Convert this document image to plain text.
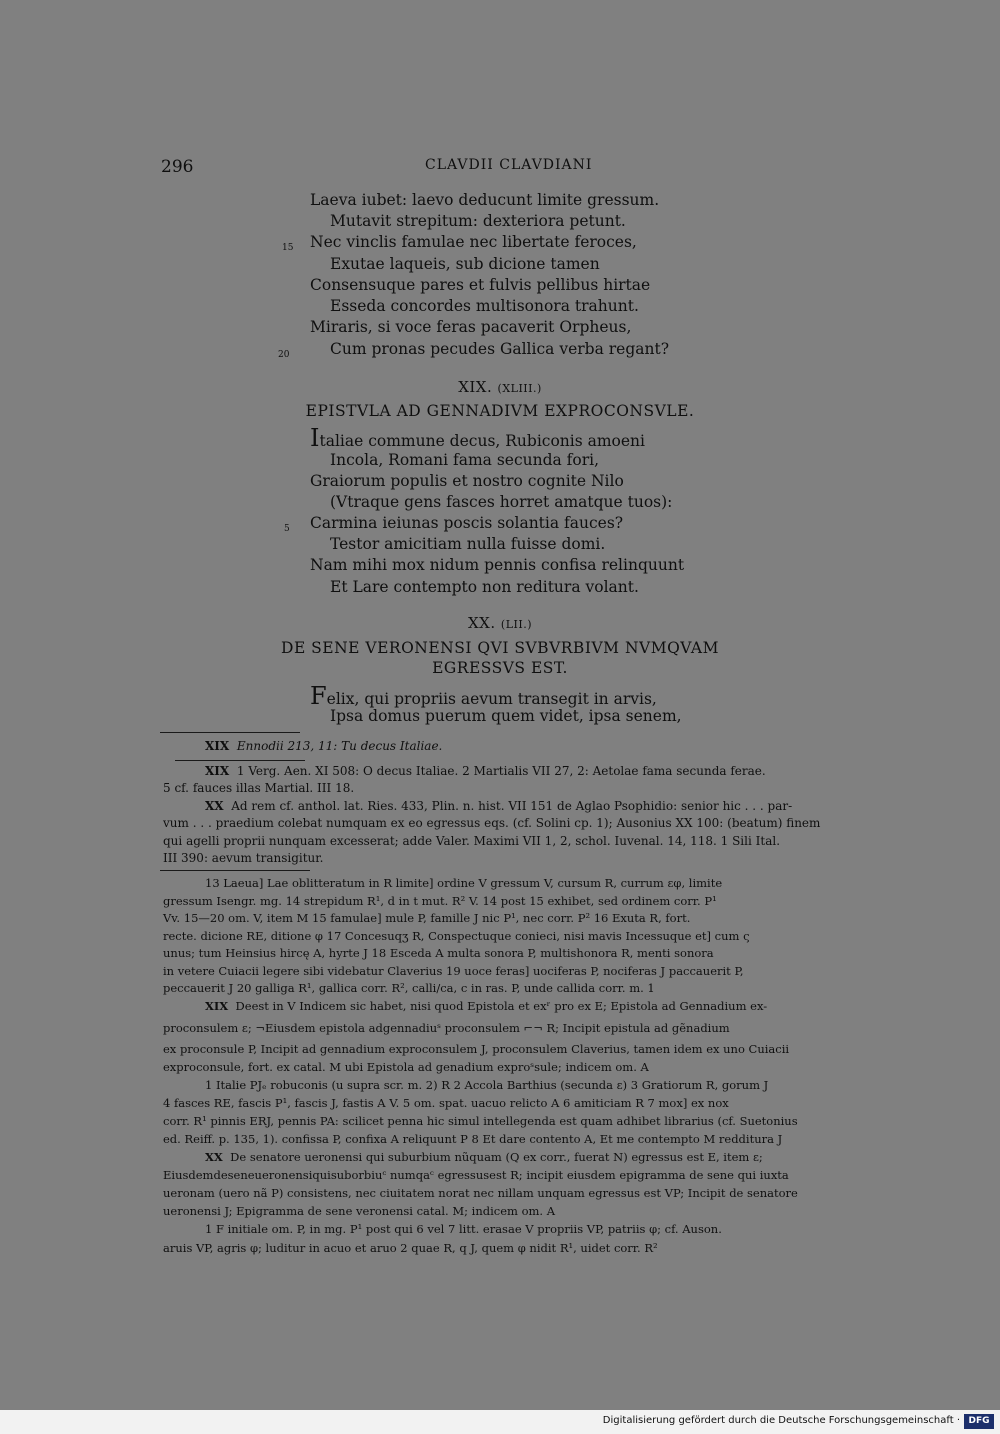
296	CLAVDII CLAVDIANI
Laeva iubet: laevo deducunt limite gressum.
Mutavit strepitum: dexteriora petunt.
15 Nec vinclis famulae nec libertate feroces,
Exutae laqueis, sub dicione tamen
Consensuque pares et fulvis pellibus hirtae
Esseda concordes multisonora trahunt.
Miraris, si voce feras pacaverit Orpheus,
20	Cum pronas pecudes Gallica verba regant?
XIX. (XLIII.)
EPISTVLA AD GENNADIVM EXPROCONSVLE.
Italiae commune decus, Rubiconis amoeni
Incola, Romani fama secunda fori,
Graiorum populis et nostro cognite Nilo
(Vtraque gens fasces horret amatque tuos):
5 Carmina ieiunas poscis solantia fauces?
Testor amicitiam nulla fuisse domi.
Nam mihi mox nidum pennis confisa relinquunt
Et Lare contempto non reditura volant.
XX. (LII.)
DE SENE VERONENSI QVI SVBVRBIVM NVMQVAM
EGRESSVS EST.
Felix, qui propriis aevum transegit in arvis,
Ipsa domus puerum quem videt, ipsa senem,
XIX Ennodii 213, 11: Tu decus Italiae.
XIX 1 Verg. Aen. XI 508: O decus Italiae. 2 Martialis VII 27, 2: Aetolae fama secunda ferae.
5 cf. fauces illas Martial. III 18.
XX Ad rem cf. anthol. lat. Ries. 433, Plin. n. hist. VII 151 de Aglao Psophidio: senior hic . . . par-
vum . . . praedium colebat numquam ex eo egressus eqs. (cf. Solini cp. 1); Ausonius XX 100: (beatum) finem
qui agelli proprii nunquam excesserat; adde Valer. Maximi VII 1, 2, schol. Iuvenal. 14, 118. 1 Sili Ital.
III 390: aevum transigitur.
13 Laeua] Lae oblitteratum in R limite] ordine V gressum V, cursum R, currum εφ, limite
gressum Isengr. mg. 14 strepidum R¹, d in t mut. R² V. 14 post 15 exhibet, sed ordinem corr. P¹
Vv. 15—20 om. V, item M 15 famulae] mule P, famille J nic P¹, nec corr. P² 16 Exuta R, fort.
recte. dicione RE, ditione φ 17 Concesuqʒ R, Conspectuque conieci, nisi mavis Incessuque et] cum ς
unus; tum Heinsius hircę A, hyrte J 18 Esceda A multa sonora P, multishonora R, menti sonora
in vetere Cuiacii legere sibi videbatur Claverius 19 uoce feras] uociferas P, nociferas J paccauerit P,
peccauerit J 20 galliga R¹, gallica corr. R², calli/ca, c in ras. P, unde callida corr. m. 1
XIX Deest in V Indicem sic habet, nisi quod Epistola et exʳ pro ex E; Epistola ad Gennadium ex-
proconsulem ε; ¬Eiusdem epistola adgennadiuˢ proconsulem ⌐¬ R; Incipit epistula ad gẽnadium
ex proconsule P, Incipit ad gennadium exproconsulem J, proconsulem Claverius, tamen idem ex uno Cuiacii
exproconsule, fort. ex catal. M ubi Epistola ad genadium exproˢsule; indicem om. A
1 Italie PJₑ robuconis (u supra scr. m. 2) R 2 Accola Barthius (secunda ε) 3 Gratiorum R, gorum J
4 fasces RE, fascis P¹, fascis J, fastis A V. 5 om. spat. uacuo relicto A 6 amiticiam R 7 mox] ex nox
corr. R¹ pinnis ERJ, pennis PA: scilicet penna hic simul intellegenda est quam adhibet librarius (cf. Suetonius
ed. Reiff. p. 135, 1). confissa P, confixa A reliquunt P 8 Et dare contento A, Et me contempto M redditura J
XX De senatore ueronensi qui suburbium nũquam (Q ex corr., fuerat N) egressus est E, item ε;
Eiusdemdeseneueronensiquisuborbiuᶜ numqaᶜ egressusest R; incipit eiusdem epigramma de sene qui iuxta
ueronam (uero nã P) consistens, nec ciuitatem norat nec nillam unquam egressus est VP; Incipit de senatore
ueronensi J; Epigramma de sene veronensi catal. M; indicem om. A
1 F initiale om. P, in mg. P¹ post qui 6 vel 7 litt. erasae V propriis VP, patriis φ; cf. Auson.
aruis VP, agris φ; luditur in acuo et aruo 2 quae R, q J, quem φ nidit R¹, uidet corr. R²
Digitalisierung gefördert durch die Deutsche Forschungsgemeinschaft · DFG
